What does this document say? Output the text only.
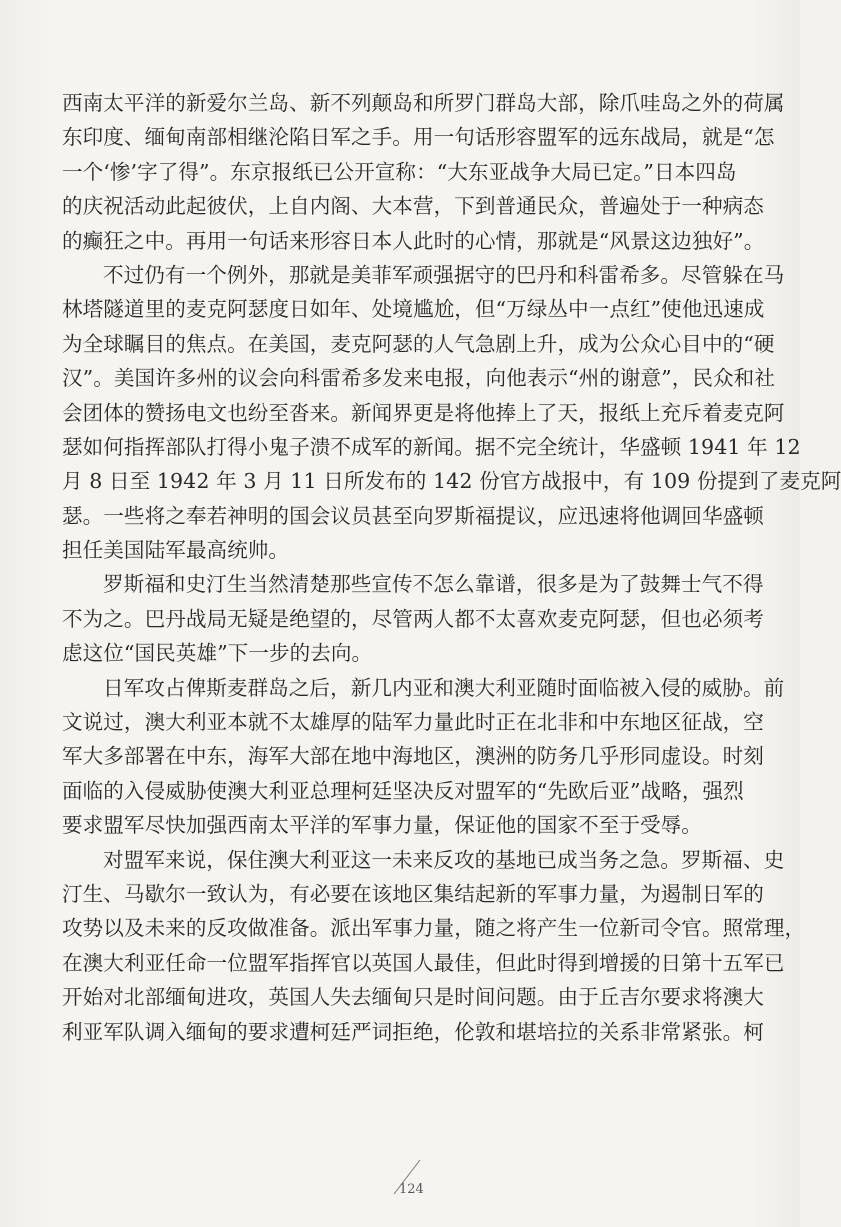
西南太平洋的新爱尔兰岛、新不列颠岛和所罗门群岛大部，除爪哇岛之外的荷属
东印度、缅甸南部相继沦陷日军之手。用一句话形容盟军的远东战局，就是“怎
一个‘惨’字了得”。东京报纸已公开宣称：“大东亚战争大局已定。”日本四岛
的庆祝活动此起彼伏，上自内阁、大本营，下到普通民众，普遍处于一种病态
的癫狂之中。再用一句话来形容日本人此时的心情，那就是“风景这边独好”。
不过仍有一个例外，那就是美菲军顽强据守的巴丹和科雷希多。尽管躲在马
林塔隧道里的麦克阿瑟度日如年、处境尴尬，但“万绿丛中一点红”使他迅速成
为全球瞩目的焦点。在美国，麦克阿瑟的人气急剧上升，成为公众心目中的“硬
汉”。美国许多州的议会向科雷希多发来电报，向他表示“州的谢意”，民众和社
会团体的赞扬电文也纷至沓来。新闻界更是将他捧上了天，报纸上充斥着麦克阿
瑟如何指挥部队打得小鬼子溃不成军的新闻。据不完全统计，华盛顿 1941 年 12
月 8 日至 1942 年 3 月 11 日所发布的 142 份官方战报中，有 109 份提到了麦克阿
瑟。一些将之奉若神明的国会议员甚至向罗斯福提议，应迅速将他调回华盛顿
担任美国陆军最高统帅。
罗斯福和史汀生当然清楚那些宣传不怎么靠谱，很多是为了鼓舞士气不得
不为之。巴丹战局无疑是绝望的，尽管两人都不太喜欢麦克阿瑟，但也必须考
虑这位“国民英雄”下一步的去向。
日军攻占俾斯麦群岛之后，新几内亚和澳大利亚随时面临被入侵的威胁。前
文说过，澳大利亚本就不太雄厚的陆军力量此时正在北非和中东地区征战，空
军大多部署在中东，海军大部在地中海地区，澳洲的防务几乎形同虚设。时刻
面临的入侵威胁使澳大利亚总理柯廷坚决反对盟军的“先欧后亚”战略，强烈
要求盟军尽快加强西南太平洋的军事力量，保证他的国家不至于受辱。
对盟军来说，保住澳大利亚这一未来反攻的基地已成当务之急。罗斯福、史
汀生、马歇尔一致认为，有必要在该地区集结起新的军事力量，为遏制日军的
攻势以及未来的反攻做准备。派出军事力量，随之将产生一位新司令官。照常理，
在澳大利亚任命一位盟军指挥官以英国人最佳，但此时得到增援的日第十五军已
开始对北部缅甸进攻，英国人失去缅甸只是时间问题。由于丘吉尔要求将澳大
利亚军队调入缅甸的要求遭柯廷严词拒绝，伦敦和堪培拉的关系非常紧张。柯
124
